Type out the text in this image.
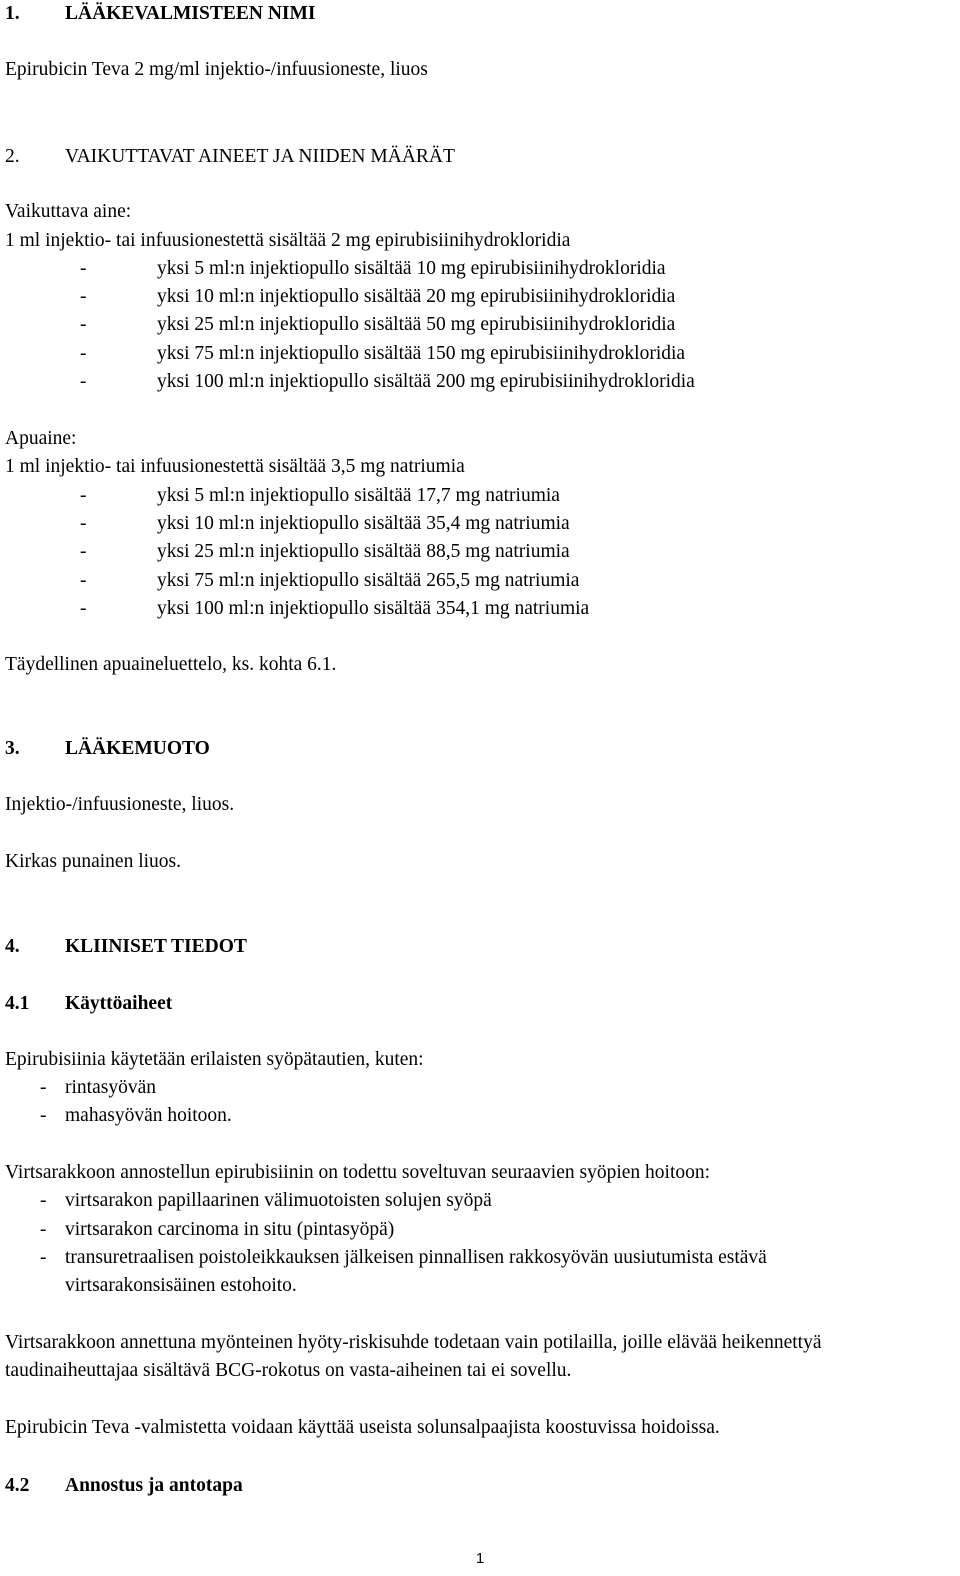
1. LÄÄKEVALMISTEEN NIMI
Epirubicin Teva 2 mg/ml injektio-/infuusioneste, liuos
2. VAIKUTTAVAT AINEET JA NIIDEN MÄÄRÄT
Vaikuttava aine:
1 ml injektio- tai infuusionestettä sisältää 2 mg epirubisiinihydrokloridia
-	yksi 5 ml:n injektiopullo sisältää 10 mg epirubisiinihydrokloridia
-	yksi 10 ml:n injektiopullo sisältää 20 mg epirubisiinihydrokloridia
-	yksi 25 ml:n injektiopullo sisältää 50 mg epirubisiinihydrokloridia
-	yksi 75 ml:n injektiopullo sisältää 150 mg epirubisiinihydrokloridia
-	yksi 100 ml:n injektiopullo sisältää 200 mg epirubisiinihydrokloridia
Apuaine:
1 ml injektio- tai infuusionestettä sisältää 3,5 mg natriumia
-	yksi 5 ml:n injektiopullo sisältää 17,7 mg natriumia
-	yksi 10 ml:n injektiopullo sisältää 35,4 mg natriumia
-	yksi 25 ml:n injektiopullo sisältää 88,5 mg natriumia
-	yksi 75 ml:n injektiopullo sisältää 265,5 mg natriumia
-	yksi 100 ml:n injektiopullo sisältää 354,1 mg natriumia
Täydellinen apuaineluettelo, ks. kohta 6.1.
3. LÄÄKEMUOTO
Injektio-/infuusioneste, liuos.
Kirkas punainen liuos.
4. KLIINISET TIEDOT
4.1 Käyttöaiheet
Epirubisiinia käytetään erilaisten syöpätautien, kuten:
- rintasyövän
- mahasyövän hoitoon.
Virtsarakkoon annostellun epirubisiinin on todettu soveltuvan seuraavien syöpien hoitoon:
- virtsarakon papillaarinen välimuotoisten solujen syöpä
- virtsarakon carcinoma in situ (pintasyöpä)
- transuretraalisen poistoleikkauksen jälkeisen pinnallisen rakkosyövän uusiutumista estävä
virtsarakonsisäinen estohoito.
Virtsarakkoon annettuna myönteinen hyöty-riskisuhde todetaan vain potilailla, joille elävää heikennettyä
taudinaiheuttajaa sisältävä BCG-rokotus on vasta-aiheinen tai ei sovellu.
Epirubicin Teva -valmistetta voidaan käyttää useista solunsalpaajista koostuvissa hoidoissa.
4.2 Annostus ja antotapa
1
